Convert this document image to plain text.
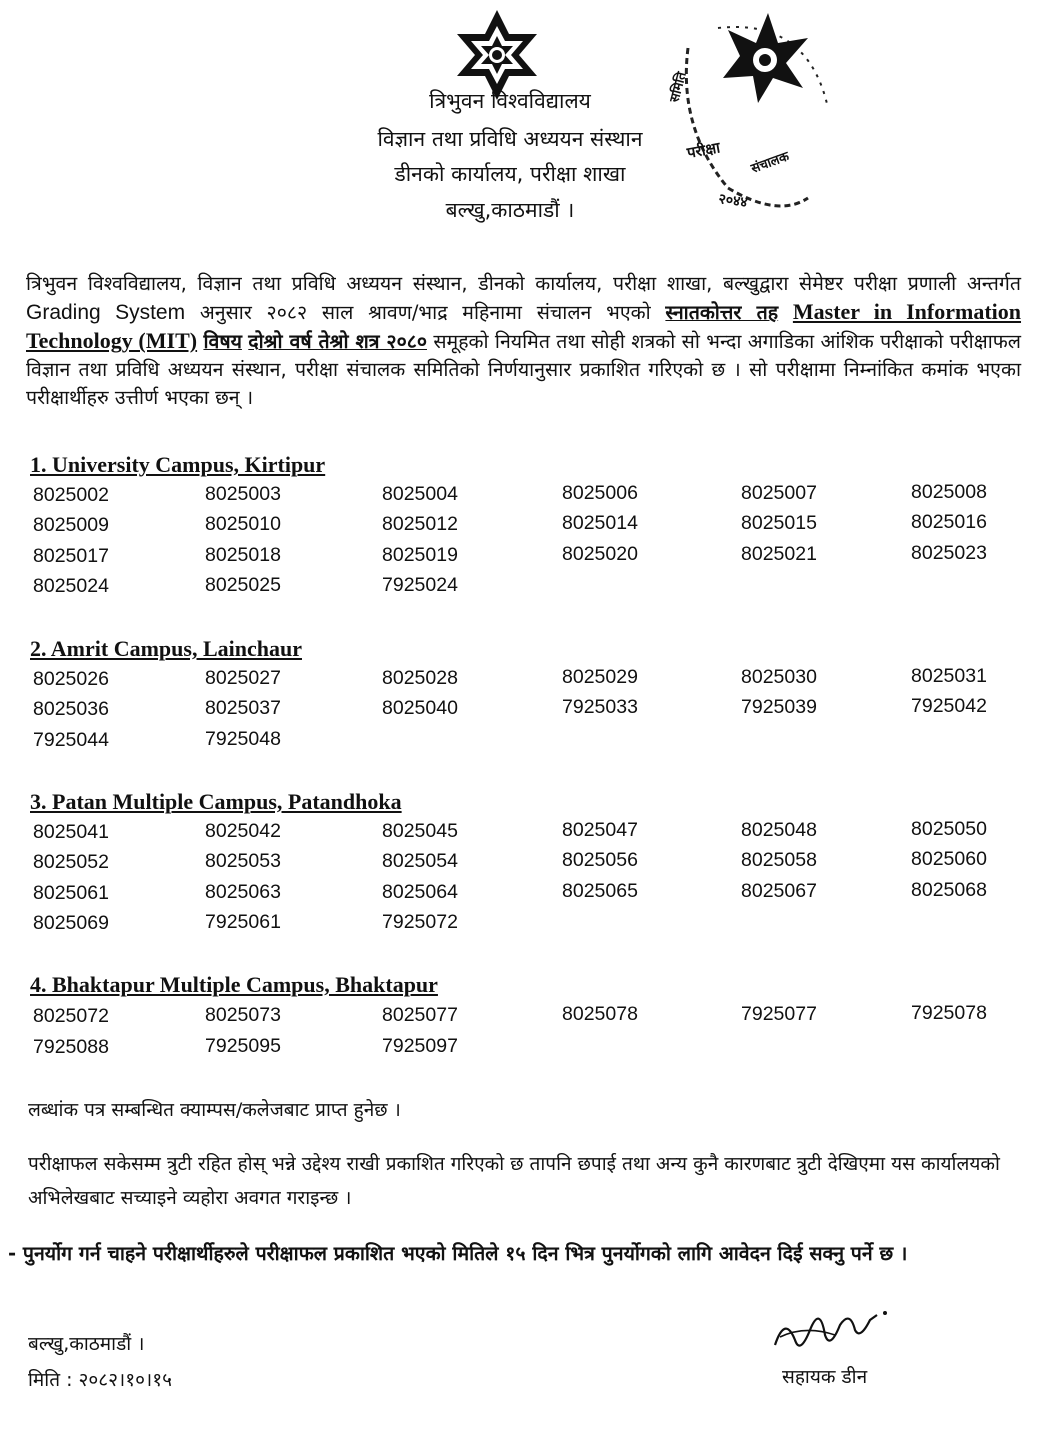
परीक्षा संचालक
२०४४
समिति
त्रिभुवन विश्वविद्यालय
विज्ञान तथा प्रविधि अध्ययन संस्थान
डीनको कार्यालय, परीक्षा शाखा
बल्खु,काठमाडौं ।
त्रिभुवन विश्वविद्यालय, विज्ञान तथा प्रविधि अध्ययन संस्थान, डीनको कार्यालय, परीक्षा शाखा, बल्खुद्वारा सेमेष्टर परीक्षा प्रणाली अन्तर्गत Grading System अनुसार २०८२ साल श्रावण/भाद्र महिनामा संचालन भएको स्नातकोत्तर तह Master in Information Technology (MIT) विषय दोश्रो वर्ष तेश्रो शत्र २०८० समूहको नियमित तथा सोही शत्रको सो भन्दा अगाडिका आंशिक परीक्षाको परीक्षाफल विज्ञान तथा प्रविधि अध्ययन संस्थान, परीक्षा संचालक समितिको निर्णयानुसार प्रकाशित गरिएको छ । सो परीक्षामा निम्नांकित कमांक भएका परीक्षार्थीहरु उत्तीर्ण भएका छन् ।
1. University Campus, Kirtipur
8025002	8025003	8025004	8025006	8025007	8025008
8025009	8025010	8025012	8025014	8025015	8025016
8025017	8025018	8025019	8025020	8025021	8025023
8025024	8025025	7925024
2. Amrit Campus, Lainchaur
8025026	8025027	8025028	8025029	8025030	8025031
8025036	8025037	8025040	7925033	7925039	7925042
7925044	7925048
3. Patan Multiple Campus, Patandhoka
8025041	8025042	8025045	8025047	8025048	8025050
8025052	8025053	8025054	8025056	8025058	8025060
8025061	8025063	8025064	8025065	8025067	8025068
8025069	7925061	7925072
4. Bhaktapur Multiple Campus, Bhaktapur
8025072	8025073	8025077	8025078	7925077	7925078
7925088	7925095	7925097
लब्धांक पत्र सम्बन्धित क्याम्पस/कलेजबाट प्राप्त हुनेछ ।
परीक्षाफल सकेसम्म त्रुटी रहित होस् भन्ने उद्देश्य राखी प्रकाशित गरिएको छ तापनि छपाई तथा अन्य कुनै कारणबाट त्रुटी देखिएमा यस कार्यालयको अभिलेखबाट सच्याइने व्यहोरा अवगत गराइन्छ ।
- पुनर्योग गर्न चाहने परीक्षार्थीहरुले परीक्षाफल प्रकाशित भएको मितिले १५ दिन भित्र पुनर्योगको लागि आवेदन दिई सक्नु पर्ने छ ।
बल्खु,काठमाडौं ।
मिति : २०८२।१०।१५	सहायक डीन
